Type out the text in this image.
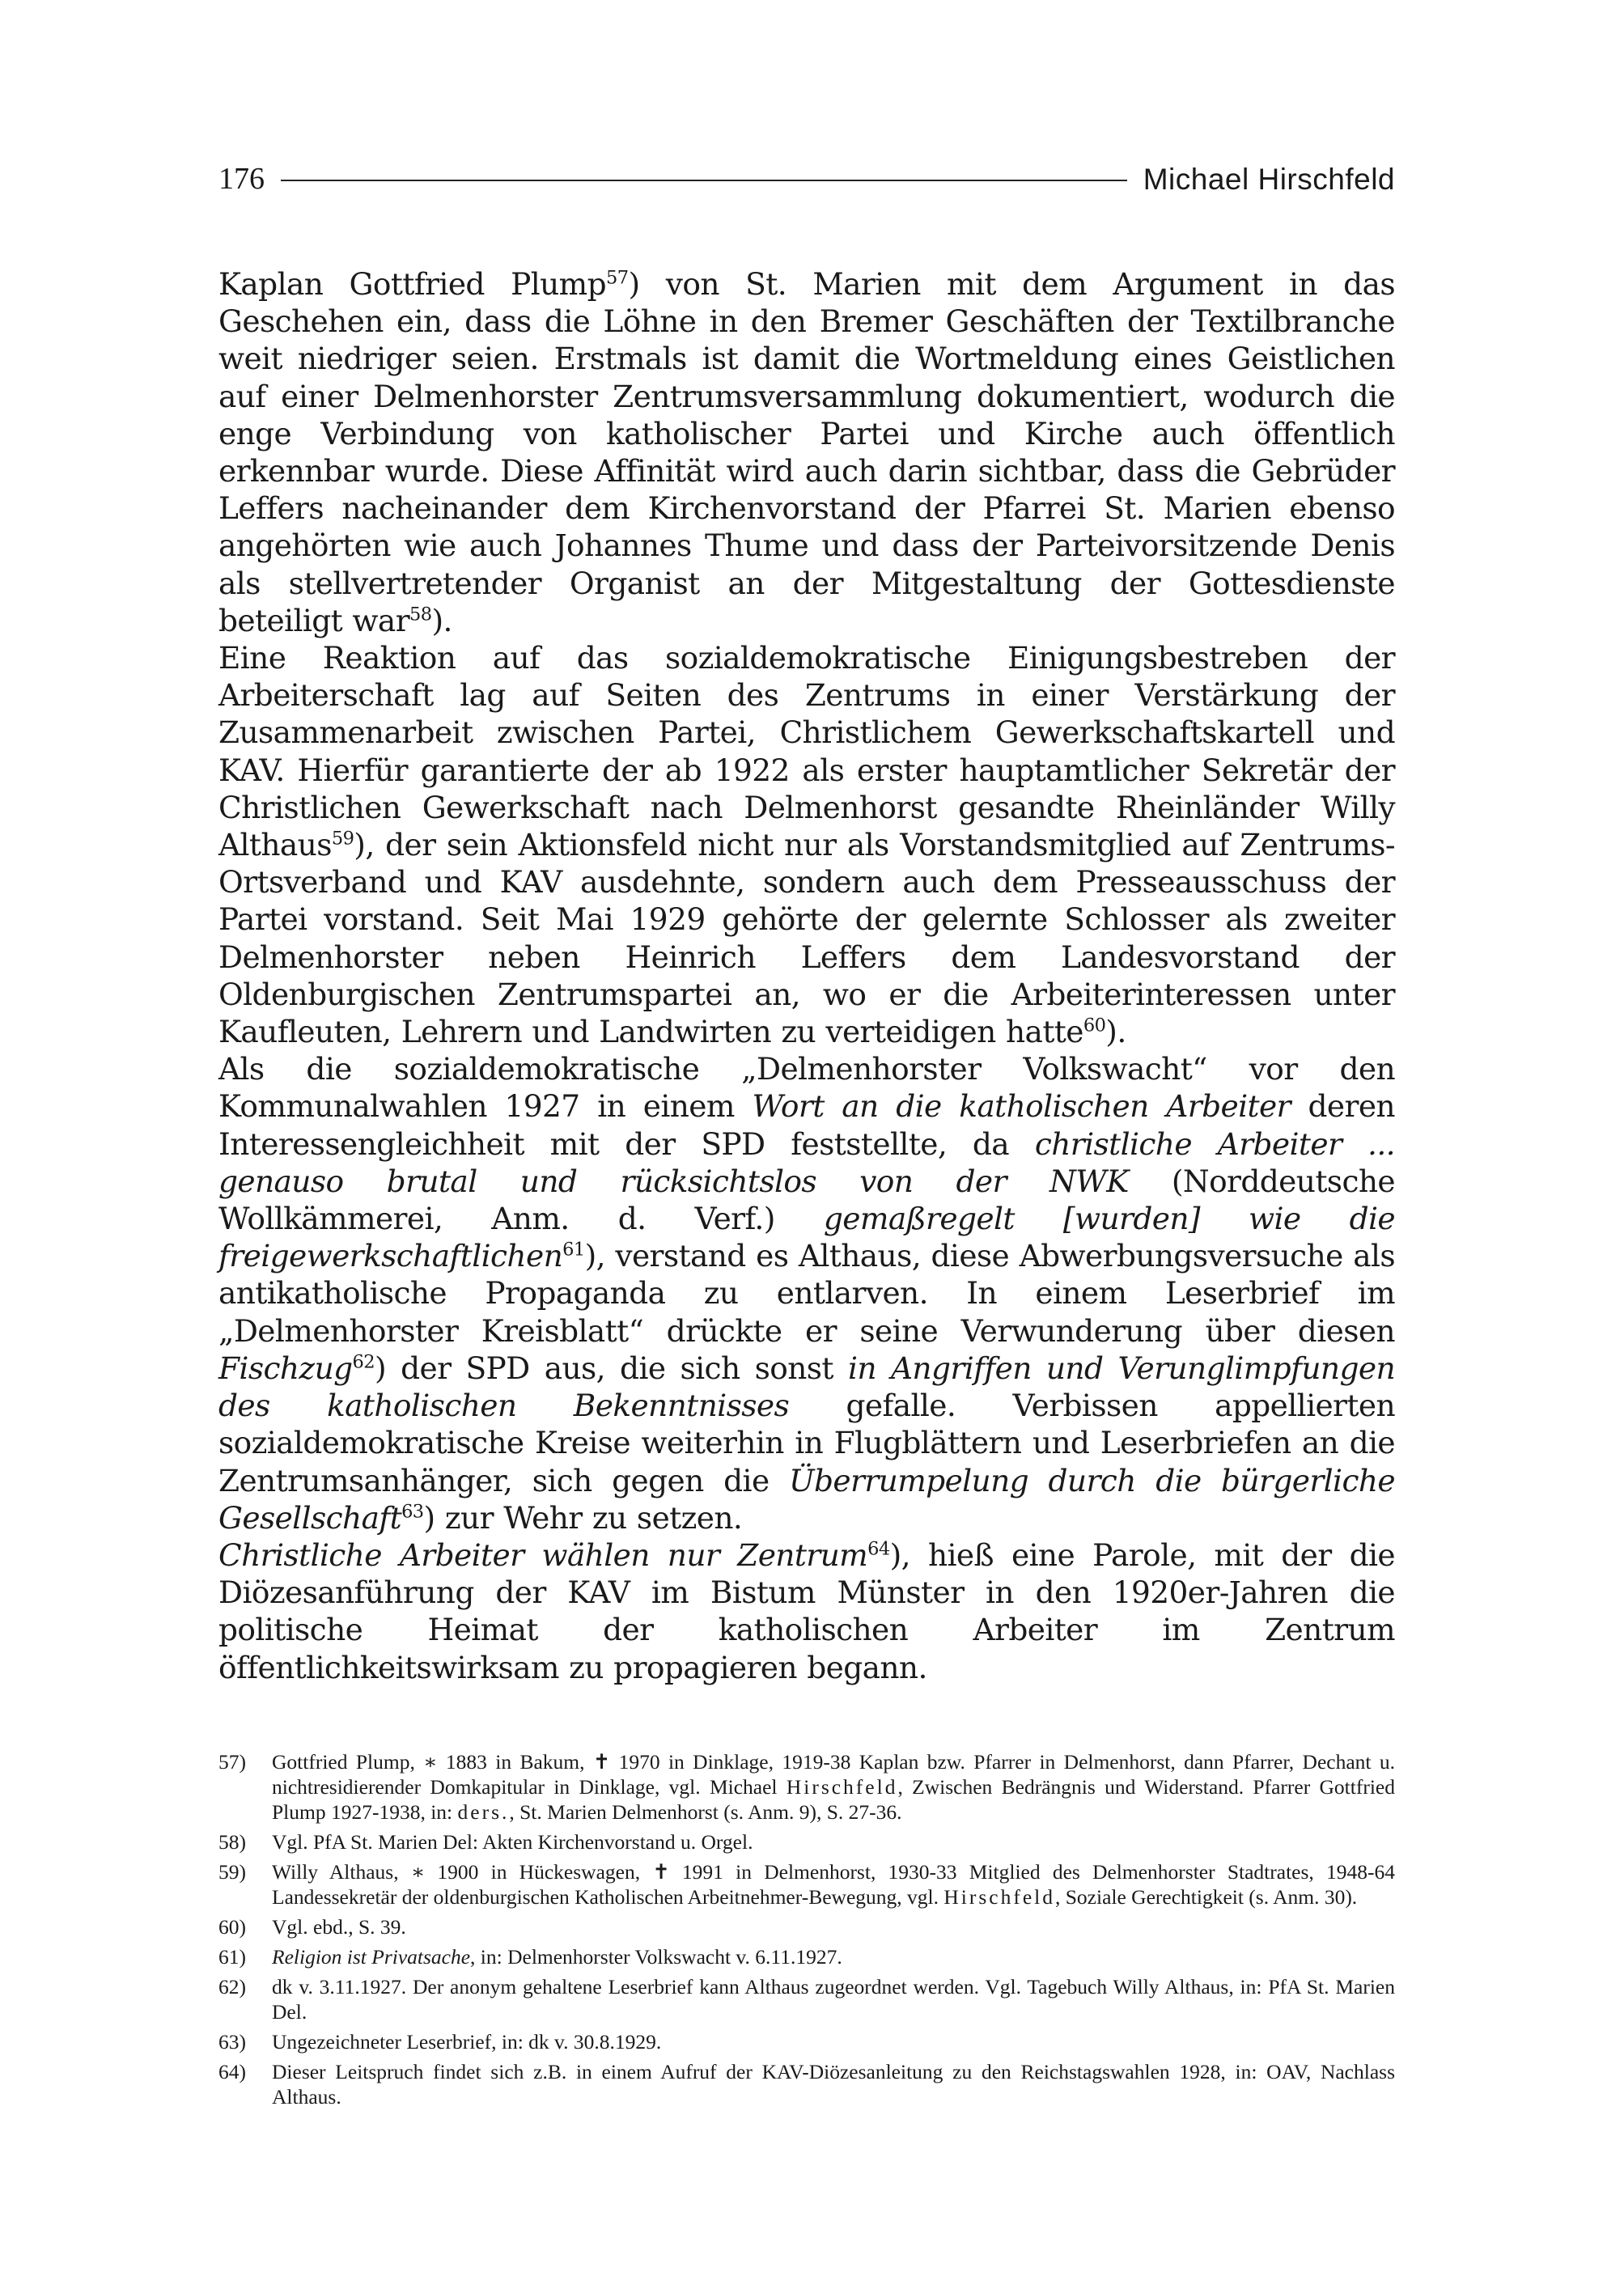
176	Michael Hirschfeld

Kaplan Gottfried Plump$^{57}$) von St. Marien mit dem Argument in das Geschehen ein, dass die Löhne in den Bremer Geschäften der Textilbranche weit niedriger seien. Erstmals ist damit die Wortmeldung eines Geistlichen auf einer Delmenhorster Zentrumsversammlung dokumentiert, wodurch die enge Verbindung von katholischer Partei und Kirche auch öffentlich erkennbar wurde. Diese Affinität wird auch darin sichtbar, dass die Gebrüder Leffers nacheinander dem Kirchenvorstand der Pfarrei St. Marien ebenso angehörten wie auch Johannes Thume und dass der Parteivorsitzende Denis als stellvertretender Organist an der Mitgestaltung der Gottesdienste beteiligt war$^{58}$).

Eine Reaktion auf das sozialdemokratische Einigungsbestreben der Arbeiterschaft lag auf Seiten des Zentrums in einer Verstärkung der Zusammenarbeit zwischen Partei, Christlichem Gewerkschaftskartell und KAV. Hierfür garantierte der ab 1922 als erster hauptamtlicher Sekretär der Christlichen Gewerkschaft nach Delmenhorst gesandte Rheinländer Willy Althaus$^{59}$), der sein Aktionsfeld nicht nur als Vorstandsmitglied auf Zentrums-Ortsverband und KAV ausdehnte, sondern auch dem Presseausschuss der Partei vorstand. Seit Mai 1929 gehörte der gelernte Schlosser als zweiter Delmenhorster neben Heinrich Leffers dem Landesvorstand der Oldenburgischen Zentrumspartei an, wo er die Arbeiterinteressen unter Kaufleuten, Lehrern und Landwirten zu verteidigen hatte$^{60}$).

Als die sozialdemokratische „Delmenhorster Volkswacht“ vor den Kommunalwahlen 1927 in einem Wort an die katholischen Arbeiter deren Interessengleichheit mit der SPD feststellte, da christliche Arbeiter ... genauso brutal und rücksichtslos von der NWK (Norddeutsche Wollkämmerei, Anm. d. Verf.) gemaßregelt [wurden] wie die freigewerkschaftlichen$^{61}$), verstand es Althaus, diese Abwerbungsversuche als antikatholische Propaganda zu entlarven. In einem Leserbrief im „Delmenhorster Kreisblatt“ drückte er seine Verwunderung über diesen Fischzug$^{62}$) der SPD aus, die sich sonst in Angriffen und Verunglimpfungen des katholischen Bekenntnisses gefalle. Verbissen appellierten sozialdemokratische Kreise weiterhin in Flugblättern und Leserbriefen an die Zentrumsanhänger, sich gegen die Überrumpelung durch die bürgerliche Gesellschaft$^{63}$) zur Wehr zu setzen.

Christliche Arbeiter wählen nur Zentrum$^{64}$), hieß eine Parole, mit der die Diözesanführung der KAV im Bistum Münster in den 1920er-Jahren die politische Heimat der katholischen Arbeiter im Zentrum öffentlichkeitswirksam zu propagieren begann.

57)	Gottfried Plump, ∗ 1883 in Bakum, ✝ 1970 in Dinklage, 1919-38 Kaplan bzw. Pfarrer in Delmenhorst, dann Pfarrer, Dechant u. nichtresidierender Domkapitular in Dinklage, vgl. Michael Hirschfeld, Zwischen Bedrängnis und Widerstand. Pfarrer Gottfried Plump 1927-1938, in: ders., St. Marien Delmenhorst (s. Anm. 9), S. 27-36.
58)	Vgl. PfA St. Marien Del: Akten Kirchenvorstand u. Orgel.
59)	Willy Althaus, ∗ 1900 in Hückeswagen, ✝ 1991 in Delmenhorst, 1930-33 Mitglied des Delmenhorster Stadtrates, 1948-64 Landessekretär der oldenburgischen Katholischen Arbeitnehmer-Bewegung, vgl. Hirschfeld, Soziale Gerechtigkeit (s. Anm. 30).
60)	Vgl. ebd., S. 39.
61)	Religion ist Privatsache, in: Delmenhorster Volkswacht v. 6.11.1927.
62)	dk v. 3.11.1927. Der anonym gehaltene Leserbrief kann Althaus zugeordnet werden. Vgl. Tagebuch Willy Althaus, in: PfA St. Marien Del.
63)	Ungezeichneter Leserbrief, in: dk v. 30.8.1929.
64)	Dieser Leitspruch findet sich z.B. in einem Aufruf der KAV-Diözesanleitung zu den Reichstagswahlen 1928, in: OAV, Nachlass Althaus.
